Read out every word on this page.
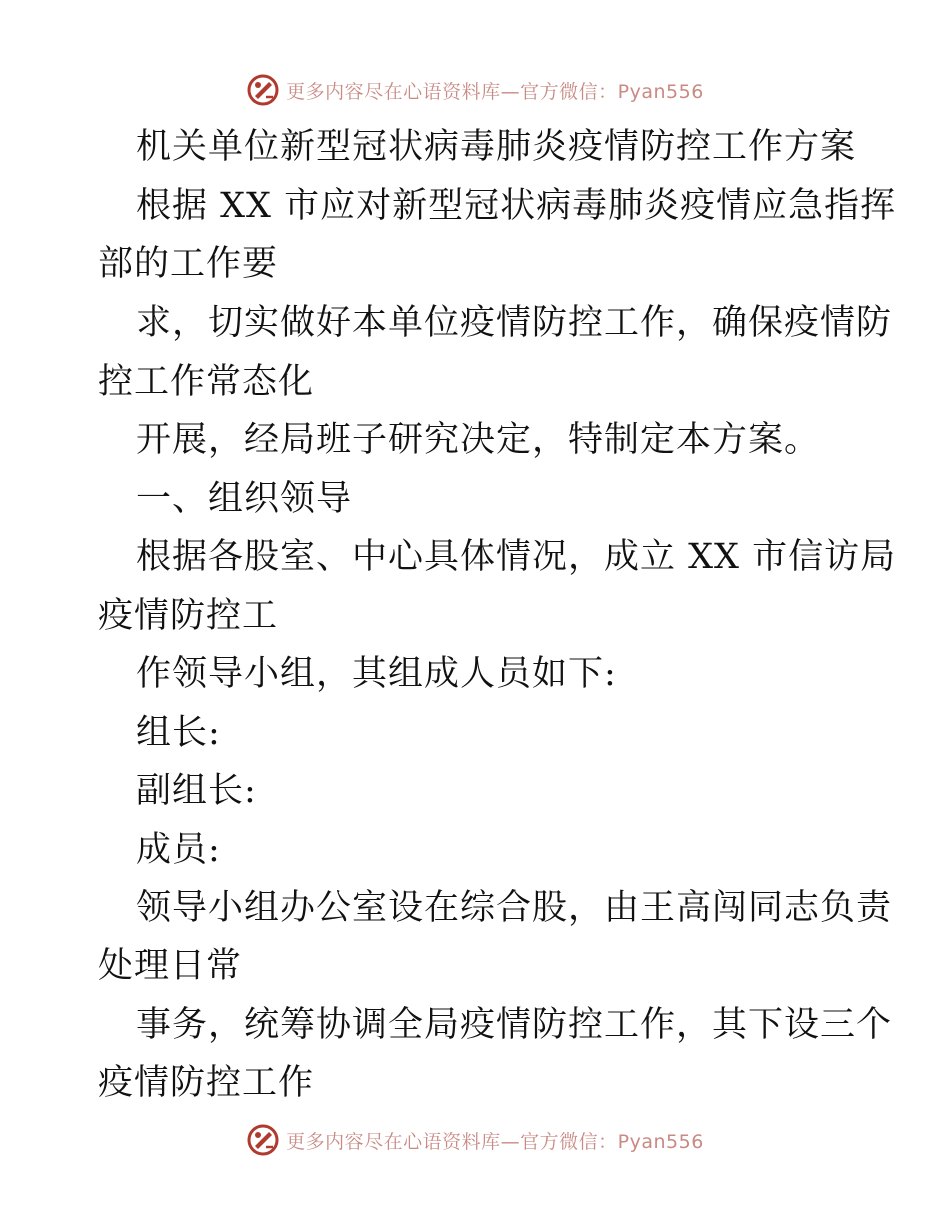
更多内容尽在心语资料库—官方微信：Pyan556
机关单位新型冠状病毒肺炎疫情防控工作方案
根据 XX 市应对新型冠状病毒肺炎疫情应急指挥
部的工作要
求，切实做好本单位疫情防控工作，确保疫情防
控工作常态化
开展，经局班子研究决定，特制定本方案。
一、组织领导
根据各股室、中心具体情况，成立 XX 市信访局
疫情防控工
作领导小组，其组成人员如下:
组长:
副组长:
成员:
领导小组办公室设在综合股，由王高闯同志负责
处理日常
事务，统筹协调全局疫情防控工作，其下设三个
疫情防控工作
更多内容尽在心语资料库—官方微信：Pyan556
